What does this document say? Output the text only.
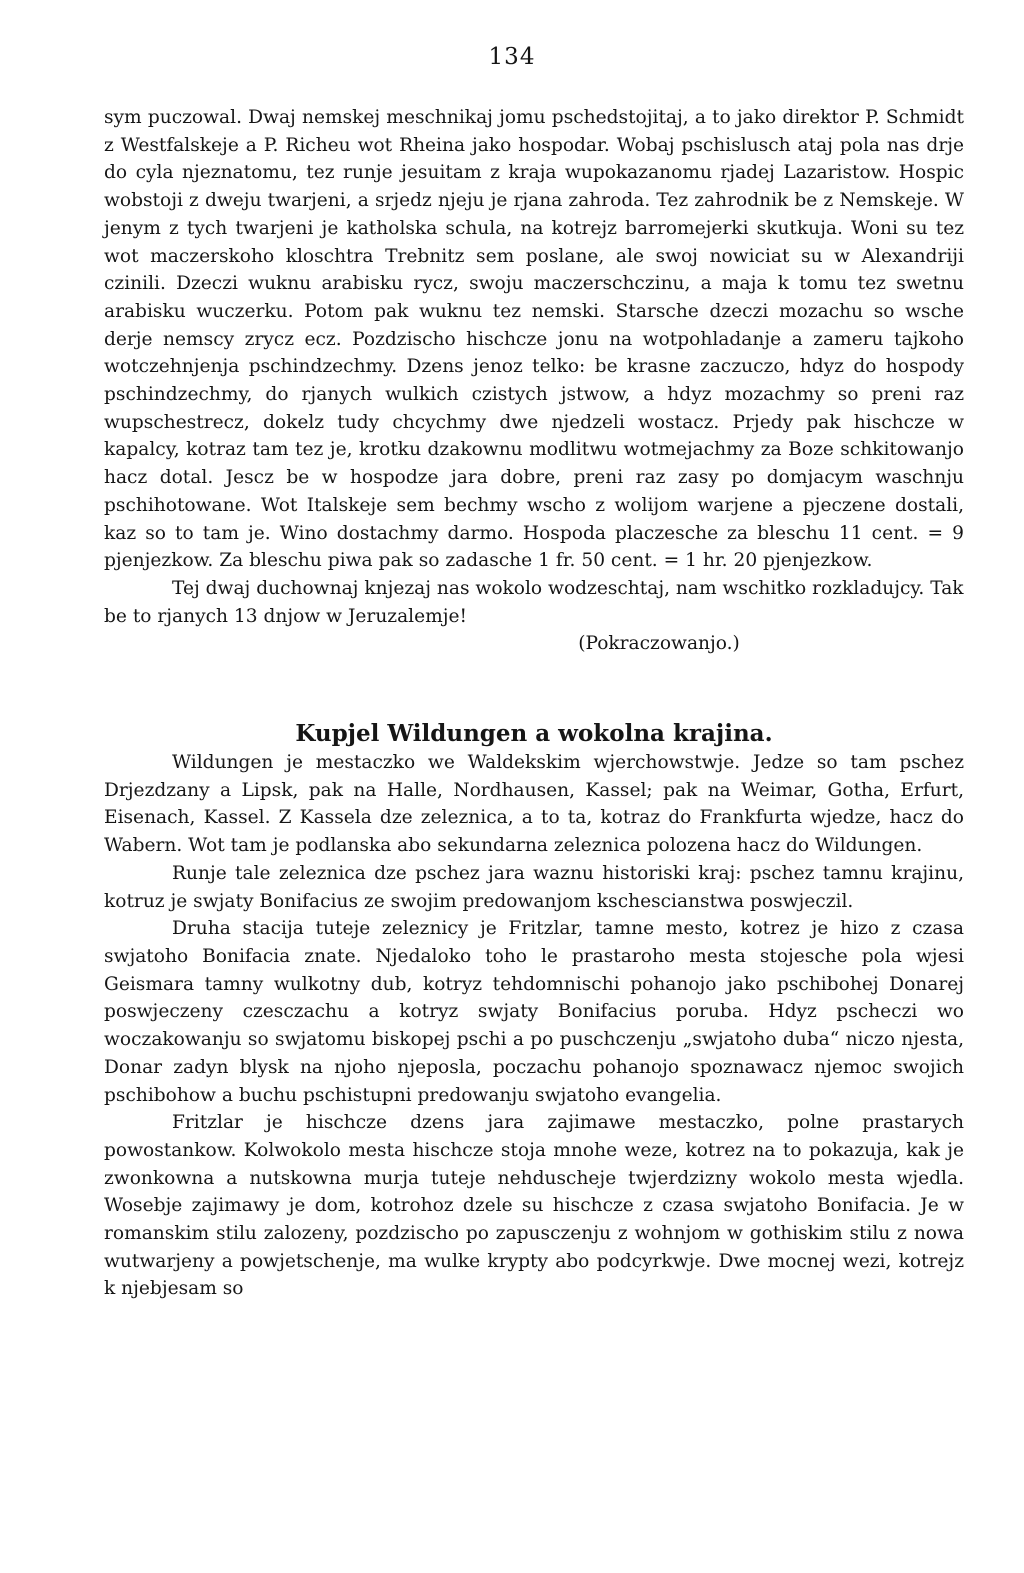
134

sym puczowal. Dwaj nemskej meschnikaj jomu pschedstojitaj, a to jako direktor P. Schmidt z Westfalskeje a P. Richeu wot Rheina jako hospodar. Wobaj pschislusch ataj pola nas drje do cyla njeznatomu, tez runje jesuitam z kraja wupokazanomu rjadej Lazaristow. Hospic wobstoji z dweju twarjeni, a srjedz njeju je rjana zahroda. Tez zahrodnik be z Nemskeje. W jenym z tych twarjeni je katholska schula, na kotrejz barromejerki skutkuja. Woni su tez wot maczerskoho kloschtra Trebnitz sem poslane, ale swoj nowiciat su w Alexandriji czinili. Dzeczi wuknu arabisku rycz, swoju maczerschczinu, a maja k tomu tez swetnu arabisku wuczerku. Potom pak wuknu tez nemski. Starsche dzeczi mozachu so wsche derje nemscy zrycz ecz. Pozdzischo hischcze jonu na wotpohladanje a zameru tajkoho wotczehnjenja pschindzechmy. Dzens jenoz telko: be krasne zaczuczo, hdyz do hospody pschindzechmy, do rjanych wulkich czistych jstwow, a hdyz mozachmy so preni raz wupschestrecz, dokelz tudy chcychmy dwe njedzeli wostacz. Prjedy pak hischcze w kapalcy, kotraz tam tez je, krotku dzakownu modlitwu wotmejachmy za Boze schkitowanjo hacz dotal. Jescz be w hospodze jara dobre, preni raz zasy po domjacym waschnju pschihotowane. Wot Italskeje sem bechmy wscho z wolijom warjene a pjeczene dostali, kaz so to tam je. Wino dostachmy darmo. Hospoda placzesche za bleschu 11 cent. = 9 pjenjezkow. Za bleschu piwa pak so zadasche 1 fr. 50 cent. = 1 hr. 20 pjenjezkow.

Tej dwaj duchownaj knjezaj nas wokolo wodzeschtaj, nam wschitko rozkladujcy. Tak be to rjanych 13 dnjow w Jeruzalemje!

(Pokraczowanjo.)

Kupjel Wildungen a wokolna krajina.

Wildungen je mestaczko we Waldekskim wjerchowstwje. Jedze so tam pschez Drjezdzany a Lipsk, pak na Halle, Nordhausen, Kassel; pak na Weimar, Gotha, Erfurt, Eisenach, Kassel. Z Kassela dze zeleznica, a to ta, kotraz do Frankfurta wjedze, hacz do Wabern. Wot tam je podlanska abo sekundarna zeleznica polozena hacz do Wildungen.

Runje tale zeleznica dze pschez jara waznu historiski kraj: pschez tamnu krajinu, kotruz je swjaty Bonifacius ze swojim predowanjom kschescianstwa poswjeczil.

Druha stacija tuteje zeleznicy je Fritzlar, tamne mesto, kotrez je hizo z czasa swjatoho Bonifacia znate. Njedaloko toho le prastaroho mesta stojesche pola wjesi Geismara tamny wulkotny dub, kotryz tehdomnischi pohanojo jako pschibohej Donarej poswjeczeny czesczachu a kotryz swjaty Bonifacius poruba. Hdyz pscheczi wo woczakowanju so swjatomu biskopej pschi a po puschczenju „swjatoho duba“ niczo njesta, Donar zadyn blysk na njoho njeposla, poczachu pohanojo spoznawacz njemoc swojich pschibohow a buchu pschistupni predowanju swjatoho evangelia.

Fritzlar je hischcze dzens jara zajimawe mestaczko, polne prastarych powostankow. Kolwokolo mesta hischcze stoja mnohe weze, kotrez na to pokazuja, kak je zwonkowna a nutskowna murja tuteje nehduscheje twjerdzizny wokolo mesta wjedla. Wosebje zajimawy je dom, kotrohoz dzele su hischcze z czasa swjatoho Bonifacia. Je w romanskim stilu zalozeny, pozdzischo po zapusczenju z wohnjom w gothiskim stilu z nowa wutwarjeny a powjetschenje, ma wulke krypty abo podcyrkwje. Dwe mocnej wezi, kotrejz k njebjesam so
